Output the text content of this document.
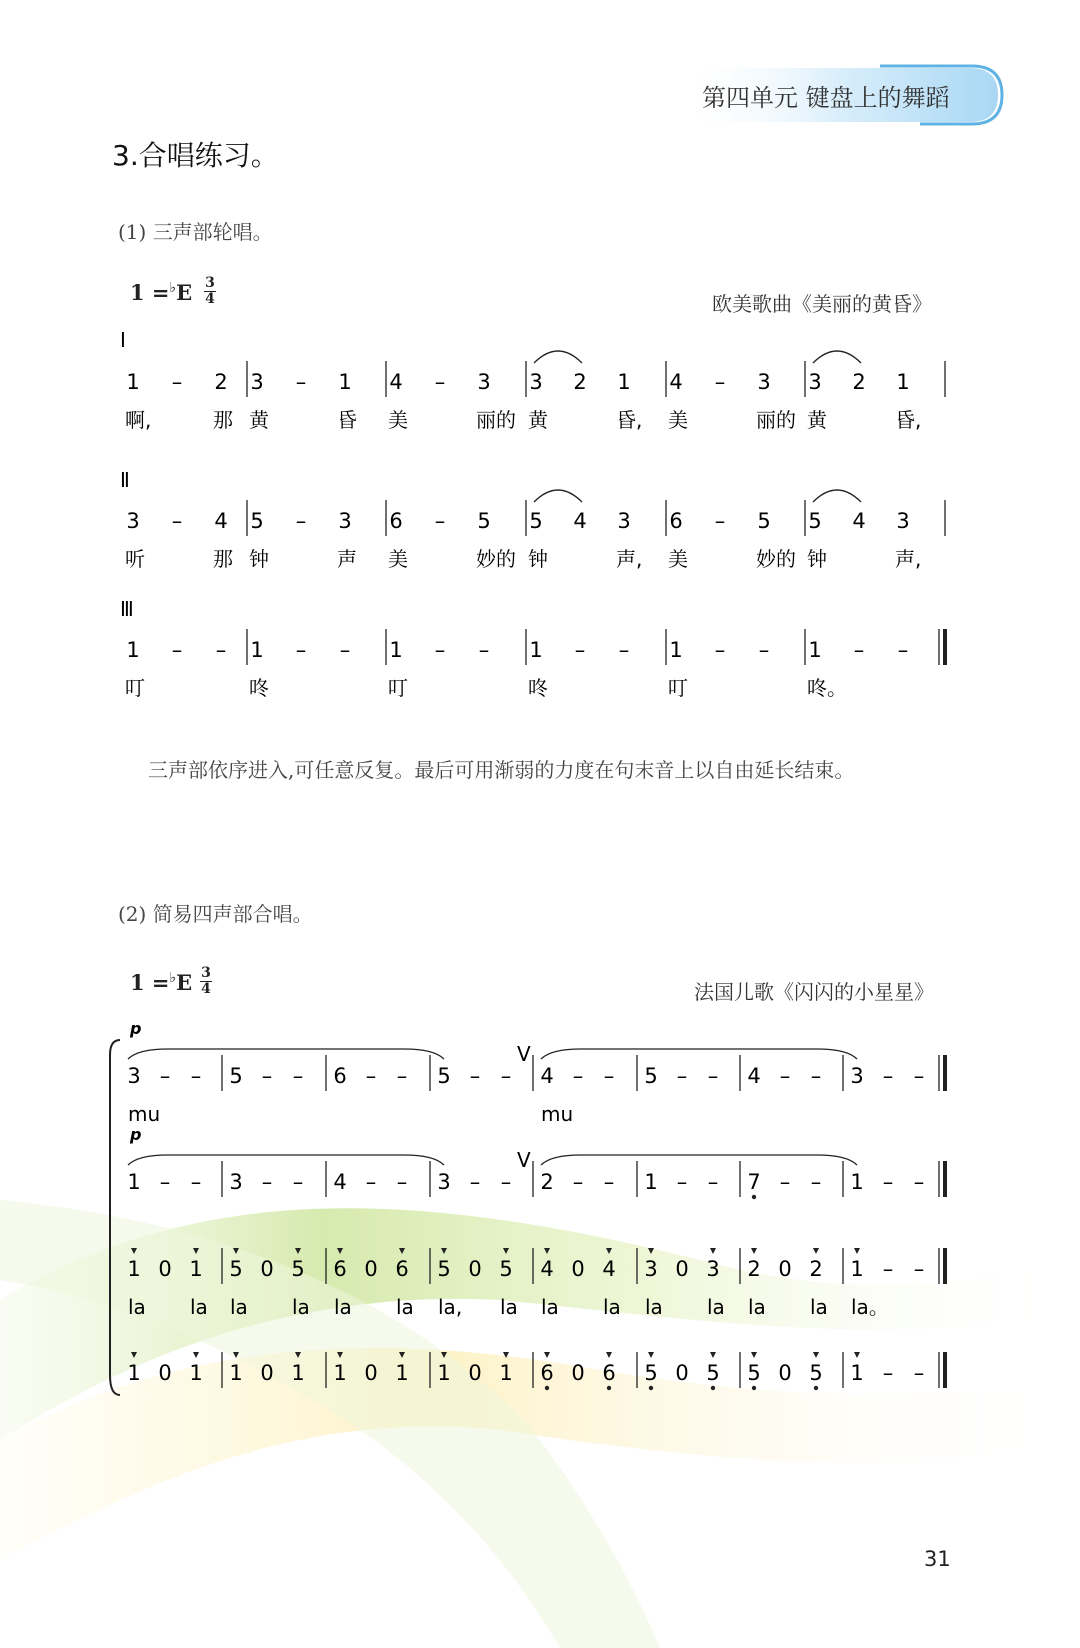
第四单元 键盘上的舞蹈
3.合唱练习。
(1) 三声部轮唱。
1 =♭E 3
4	欧美歌曲《美丽的黄昏》
三声部依序进入,可任意反复。最后可用渐弱的力度在句末音上以自由延长结束。
(2) 简易四声部合唱。
1 =♭E 3
4	法国儿歌《闪闪的小星星》
Ⅰ
1
啊,
– 2
那
3
黄
– 1
昏
4
美
– 3
丽的
3
黄
2 1
昏,
4
美
– 3
丽的
3
黄
2 1
昏,
Ⅱ
3
听
– 4
那
5
钟
– 3
声
6
美
– 5
妙的
5
钟
4 3
声,
6
美
– 5
妙的
5
钟
4 3
声,
Ⅲ
1
叮
– – 1
咚
– – 1
叮
– – 1
咚
– – 1
叮
– – 1
咚。
– –
3
mu
– – 5 – – 6 – – 5 – – 4
mu
– – 5 – – 4 – – 3 – –
V
p
1 – – 3 – – 4 – – 3 – – 2 – – 1 – – 7 – – 1 – –
V
p
1
la
0 1
la
5
la
0 5
la
6
la
0 6
la
5
la,
0 5
la
4
la
0 4
la
3
la
0 3
la
2
la
0 2
la
1
la。
– –
1 0 1 1 0 1 1 0 1 1 0 1 6 0 6 5 0 5 5 0 5 1 – –
31
